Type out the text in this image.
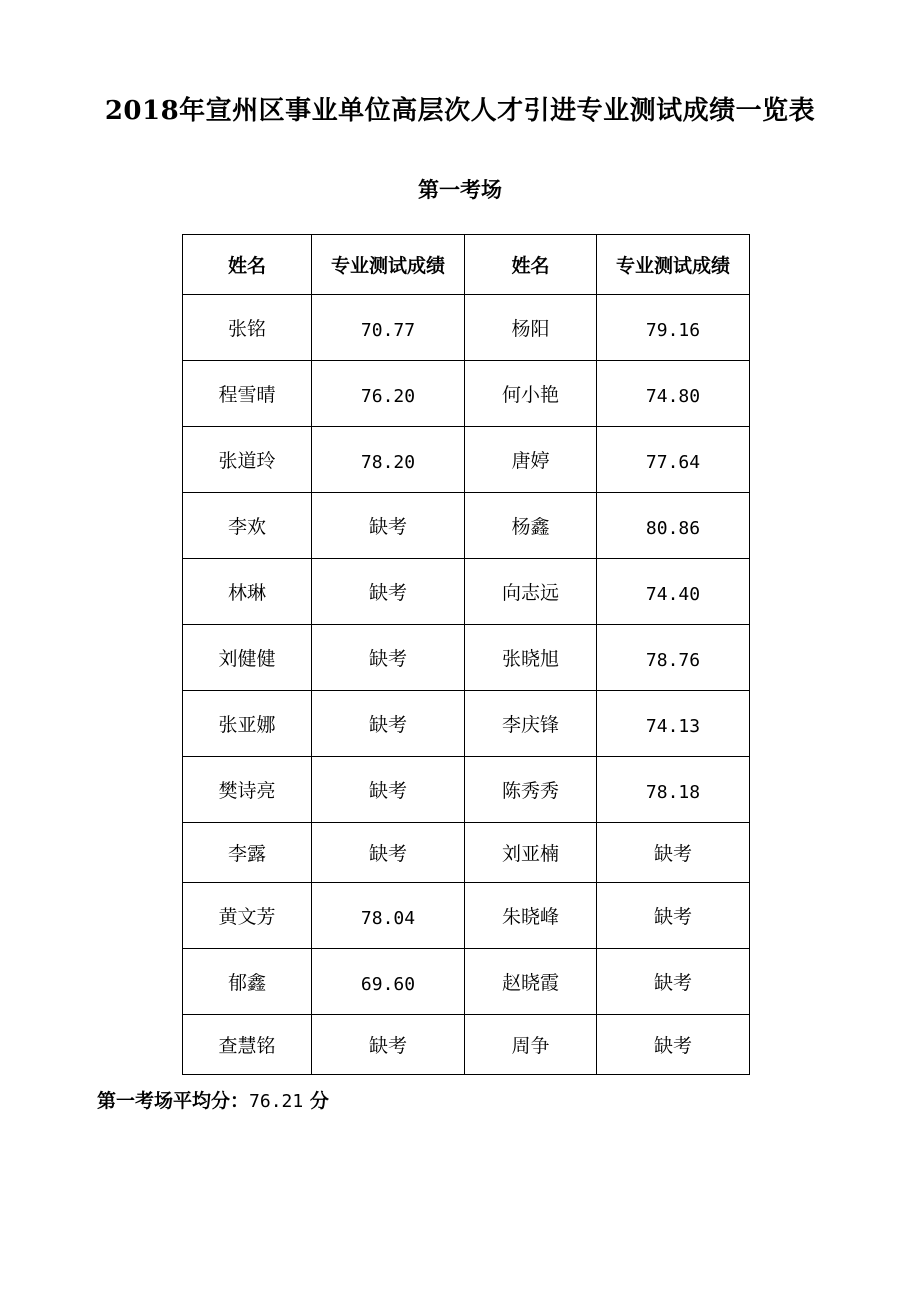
2018年宣州区事业单位高层次人才引进专业测试成绩一览表
第一考场
姓名	专业测试成绩	姓名	专业测试成绩
张铭	70.77	杨阳	79.16
程雪晴	76.20	何小艳	74.80
张道玲	78.20	唐婷	77.64
李欢	缺考	杨鑫	80.86
林琳	缺考	向志远	74.40
刘健健	缺考	张晓旭	78.76
张亚娜	缺考	李庆锋	74.13
樊诗亮	缺考	陈秀秀	78.18
李露	缺考	刘亚楠	缺考
黄文芳	78.04	朱晓峰	缺考
郁鑫	69.60	赵晓霞	缺考
查慧铭	缺考	周争	缺考
第一考场平均分：76.21 分
